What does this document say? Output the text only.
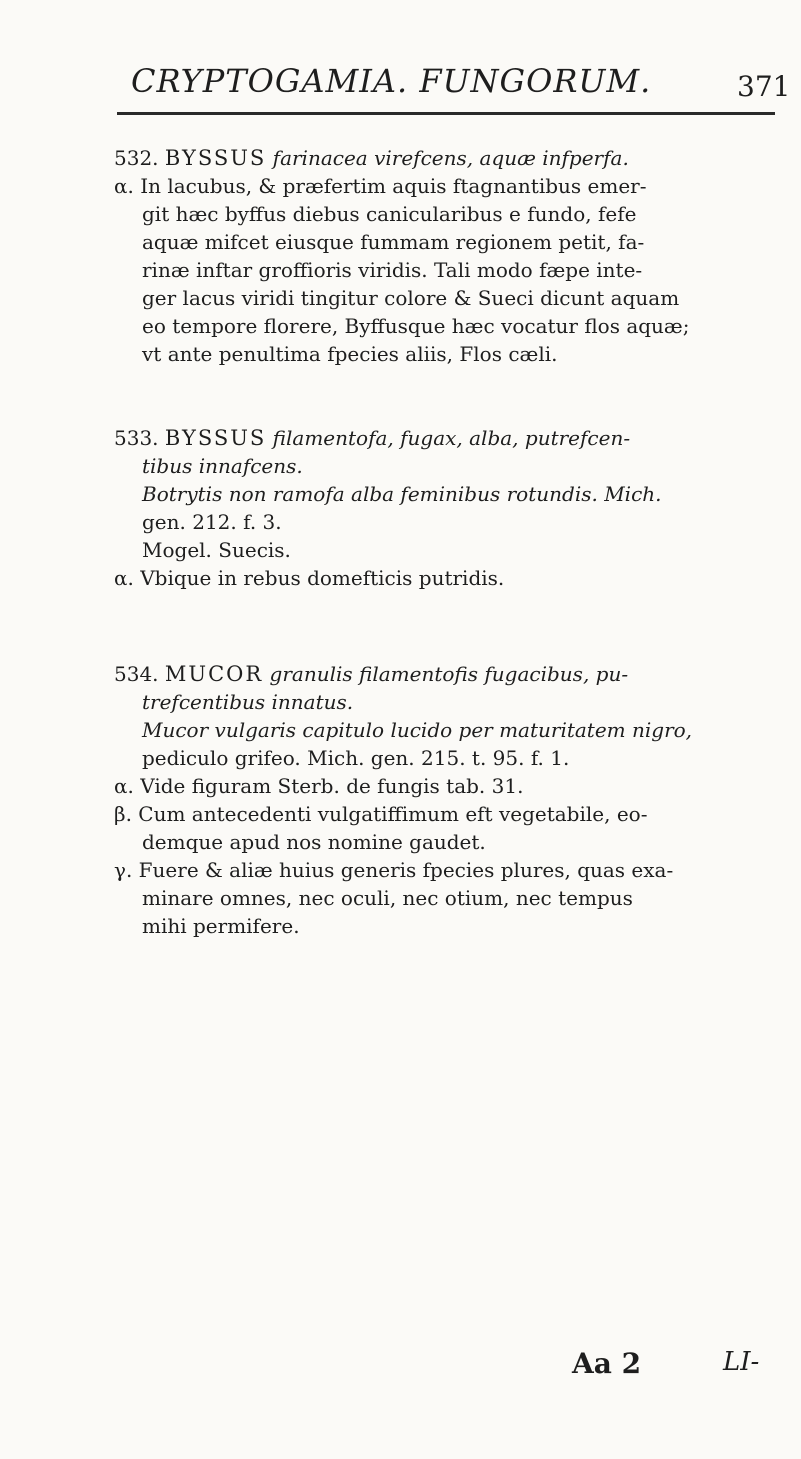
CRYPTOGAMIA. FUNGORUM.	371
532. BYSSUS farinacea virefcens, aquæ infperfa.
α. In lacubus, & præfertim aquis ftagnantibus emer-
git hæc byffus diebus canicularibus e fundo, fefe
aquæ mifcet eiusque fummam regionem petit, fa-
rinæ inftar groffioris viridis. Tali modo fæpe inte-
ger lacus viridi tingitur colore & Sueci dicunt aquam
eo tempore florere, Byffusque hæc vocatur flos aquæ;
vt ante penultima fpecies aliis, Flos cæli.
533. BYSSUS filamentofa, fugax, alba, putrefcen-
tibus innafcens.
Botrytis non ramofa alba feminibus rotundis. Mich.
gen. 212. f. 3.
Mogel. Suecis.
α. Vbique in rebus domefticis putridis.
534. MUCOR granulis filamentofis fugacibus, pu-
trefcentibus innatus.
Mucor vulgaris capitulo lucido per maturitatem nigro,
pediculo grifeo. Mich. gen. 215. t. 95. f. 1.
α. Vide figuram Sterb. de fungis tab. 31.
β. Cum antecedenti vulgatiffimum eft vegetabile, eo-
demque apud nos nomine gaudet.
γ. Fuere & aliæ huius generis fpecies plures, quas exa-
minare omnes, nec oculi, nec otium, nec tempus
mihi permifere.
Aa 2	LI-
